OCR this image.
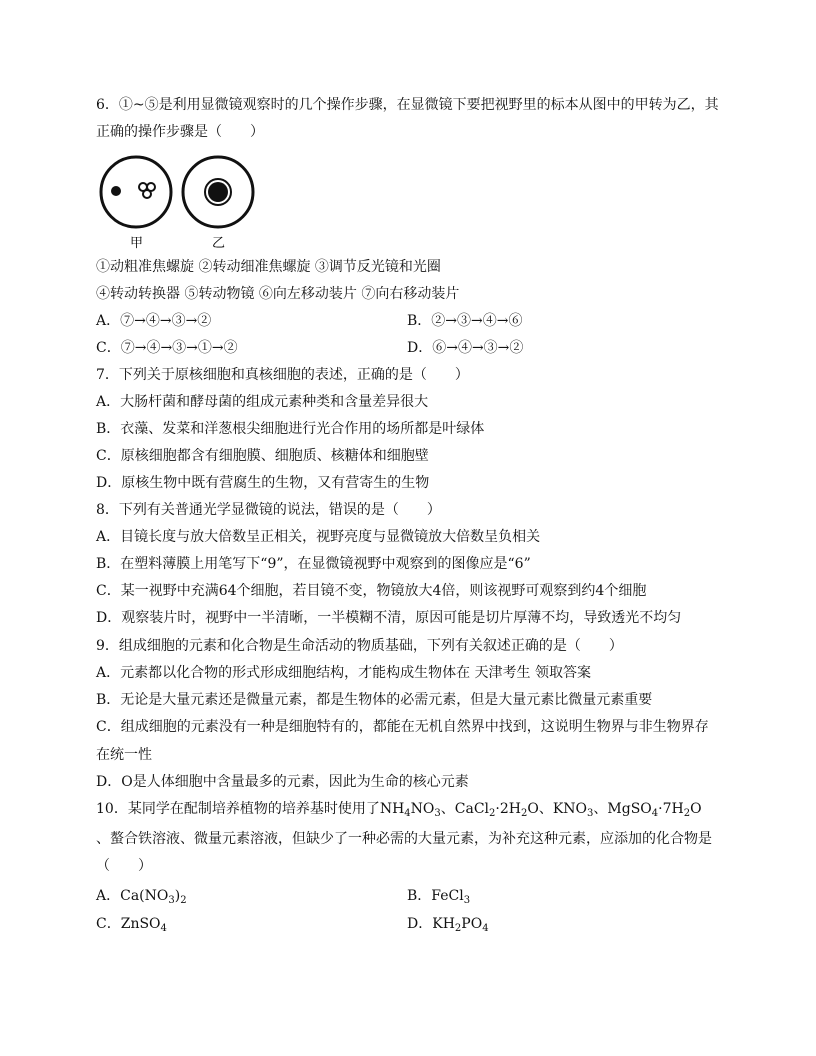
6．①~⑤是利用显微镜观察时的几个操作步骤，在显微镜下要把视野里的标本从图中的甲转为乙，其
正确的操作步骤是（　　）
甲	乙
①动粗准焦螺旋 ②转动细准焦螺旋 ③调节反光镜和光圈
④转动转换器 ⑤转动物镜 ⑥向左移动装片 ⑦向右移动装片
A．⑦→④→③→②	B．②→③→④→⑥
C．⑦→④→③→①→②	D．⑥→④→③→②
7．下列关于原核细胞和真核细胞的表述，正确的是（　　）
A．大肠杆菌和酵母菌的组成元素种类和含量差异很大
B．衣藻、发菜和洋葱根尖细胞进行光合作用的场所都是叶绿体
C．原核细胞都含有细胞膜、细胞质、核糖体和细胞壁
D．原核生物中既有营腐生的生物，又有营寄生的生物
8．下列有关普通光学显微镜的说法，错误的是（　　）
A．目镜长度与放大倍数呈正相关，视野亮度与显微镜放大倍数呈负相关
B．在塑料薄膜上用笔写下“9”，在显微镜视野中观察到的图像应是“6”
C．某一视野中充满64个细胞，若目镜不变，物镜放大4倍，则该视野可观察到约4个细胞
D．观察装片时，视野中一半清晰，一半模糊不清，原因可能是切片厚薄不均，导致透光不均匀
9．组成细胞的元素和化合物是生命活动的物质基础，下列有关叙述正确的是（　　）
A．元素都以化合物的形式形成细胞结构，才能构成生物体在 天津考生 领取答案
B．无论是大量元素还是微量元素，都是生物体的必需元素，但是大量元素比微量元素重要
C．组成细胞的元素没有一种是细胞特有的，都能在无机自然界中找到，这说明生物界与非生物界存
在统一性
D．O是人体细胞中含量最多的元素，因此为生命的核心元素
10．某同学在配制培养植物的培养基时使用了$NH_4NO_3$、$CaCl_2\cdot 2H_2O$、$KNO_3$、$MgSO_4\cdot 7H_2O$
、螯合铁溶液、微量元素溶液，但缺少了一种必需的大量元素，为补充这种元素，应添加的化合物是
（　　）
A．$Ca(NO_3)_2$	B．FeCl$_3$
C．ZnSO$_4$	D．$KH_2PO_4$
